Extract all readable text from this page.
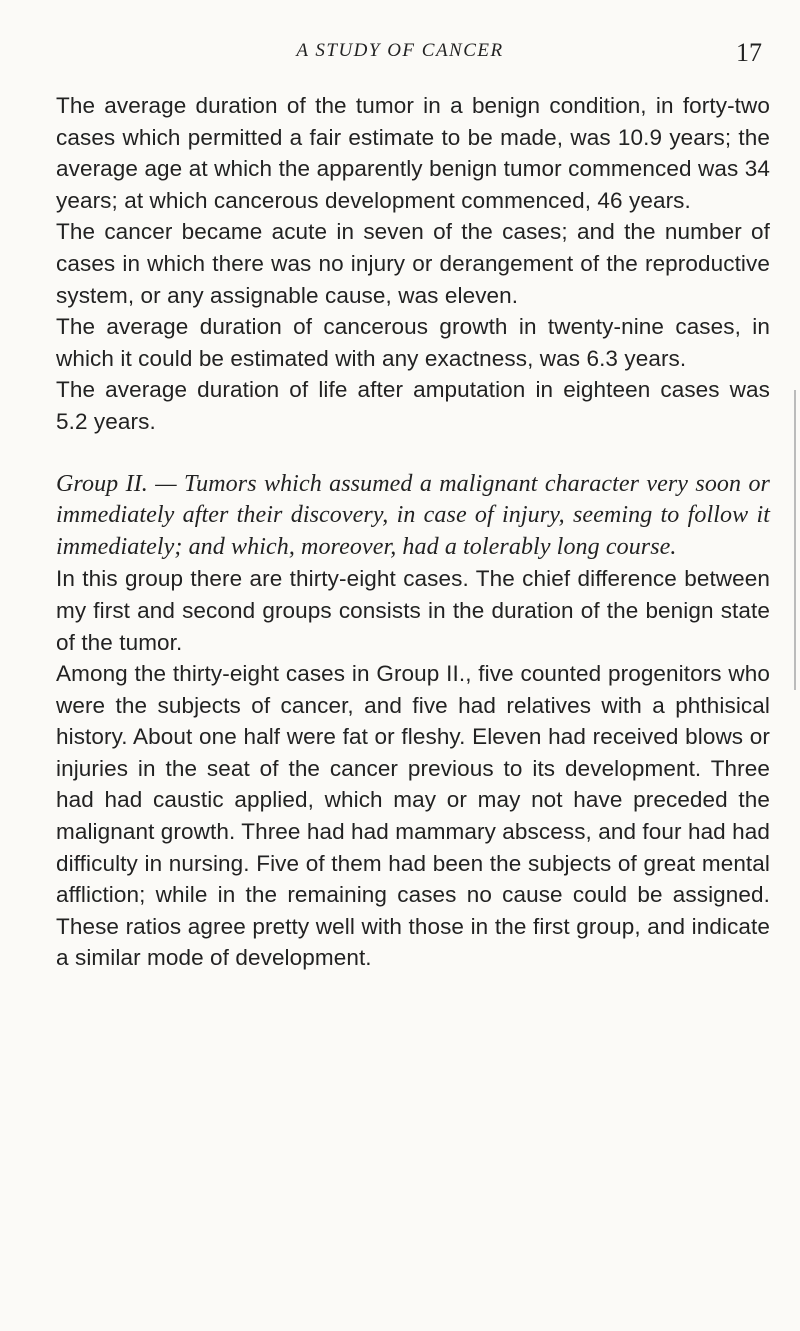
A STUDY OF CANCER	17

The average duration of the tumor in a benign condition, in forty-two cases which permitted a fair estimate to be made, was 10.9 years; the average age at which the apparently benign tumor commenced was 34 years; at which cancerous development commenced, 46 years.

The cancer became acute in seven of the cases; and the number of cases in which there was no injury or derangement of the reproductive system, or any assignable cause, was eleven.

The average duration of cancerous growth in twenty-nine cases, in which it could be estimated with any exactness, was 6.3 years.

The average duration of life after amputation in eighteen cases was 5.2 years.

Group II. — Tumors which assumed a malignant character very soon or immediately after their discovery, in case of injury, seeming to follow it immediately; and which, moreover, had a tolerably long course.

In this group there are thirty-eight cases. The chief difference between my first and second groups consists in the duration of the benign state of the tumor.

Among the thirty-eight cases in Group II., five counted progenitors who were the subjects of cancer, and five had relatives with a phthisical history. About one half were fat or fleshy. Eleven had received blows or injuries in the seat of the cancer previous to its development. Three had had caustic applied, which may or may not have preceded the malignant growth. Three had had mammary abscess, and four had had difficulty in nursing. Five of them had been the subjects of great mental affliction; while in the remaining cases no cause could be assigned. These ratios agree pretty well with those in the first group, and indicate a similar mode of development.
